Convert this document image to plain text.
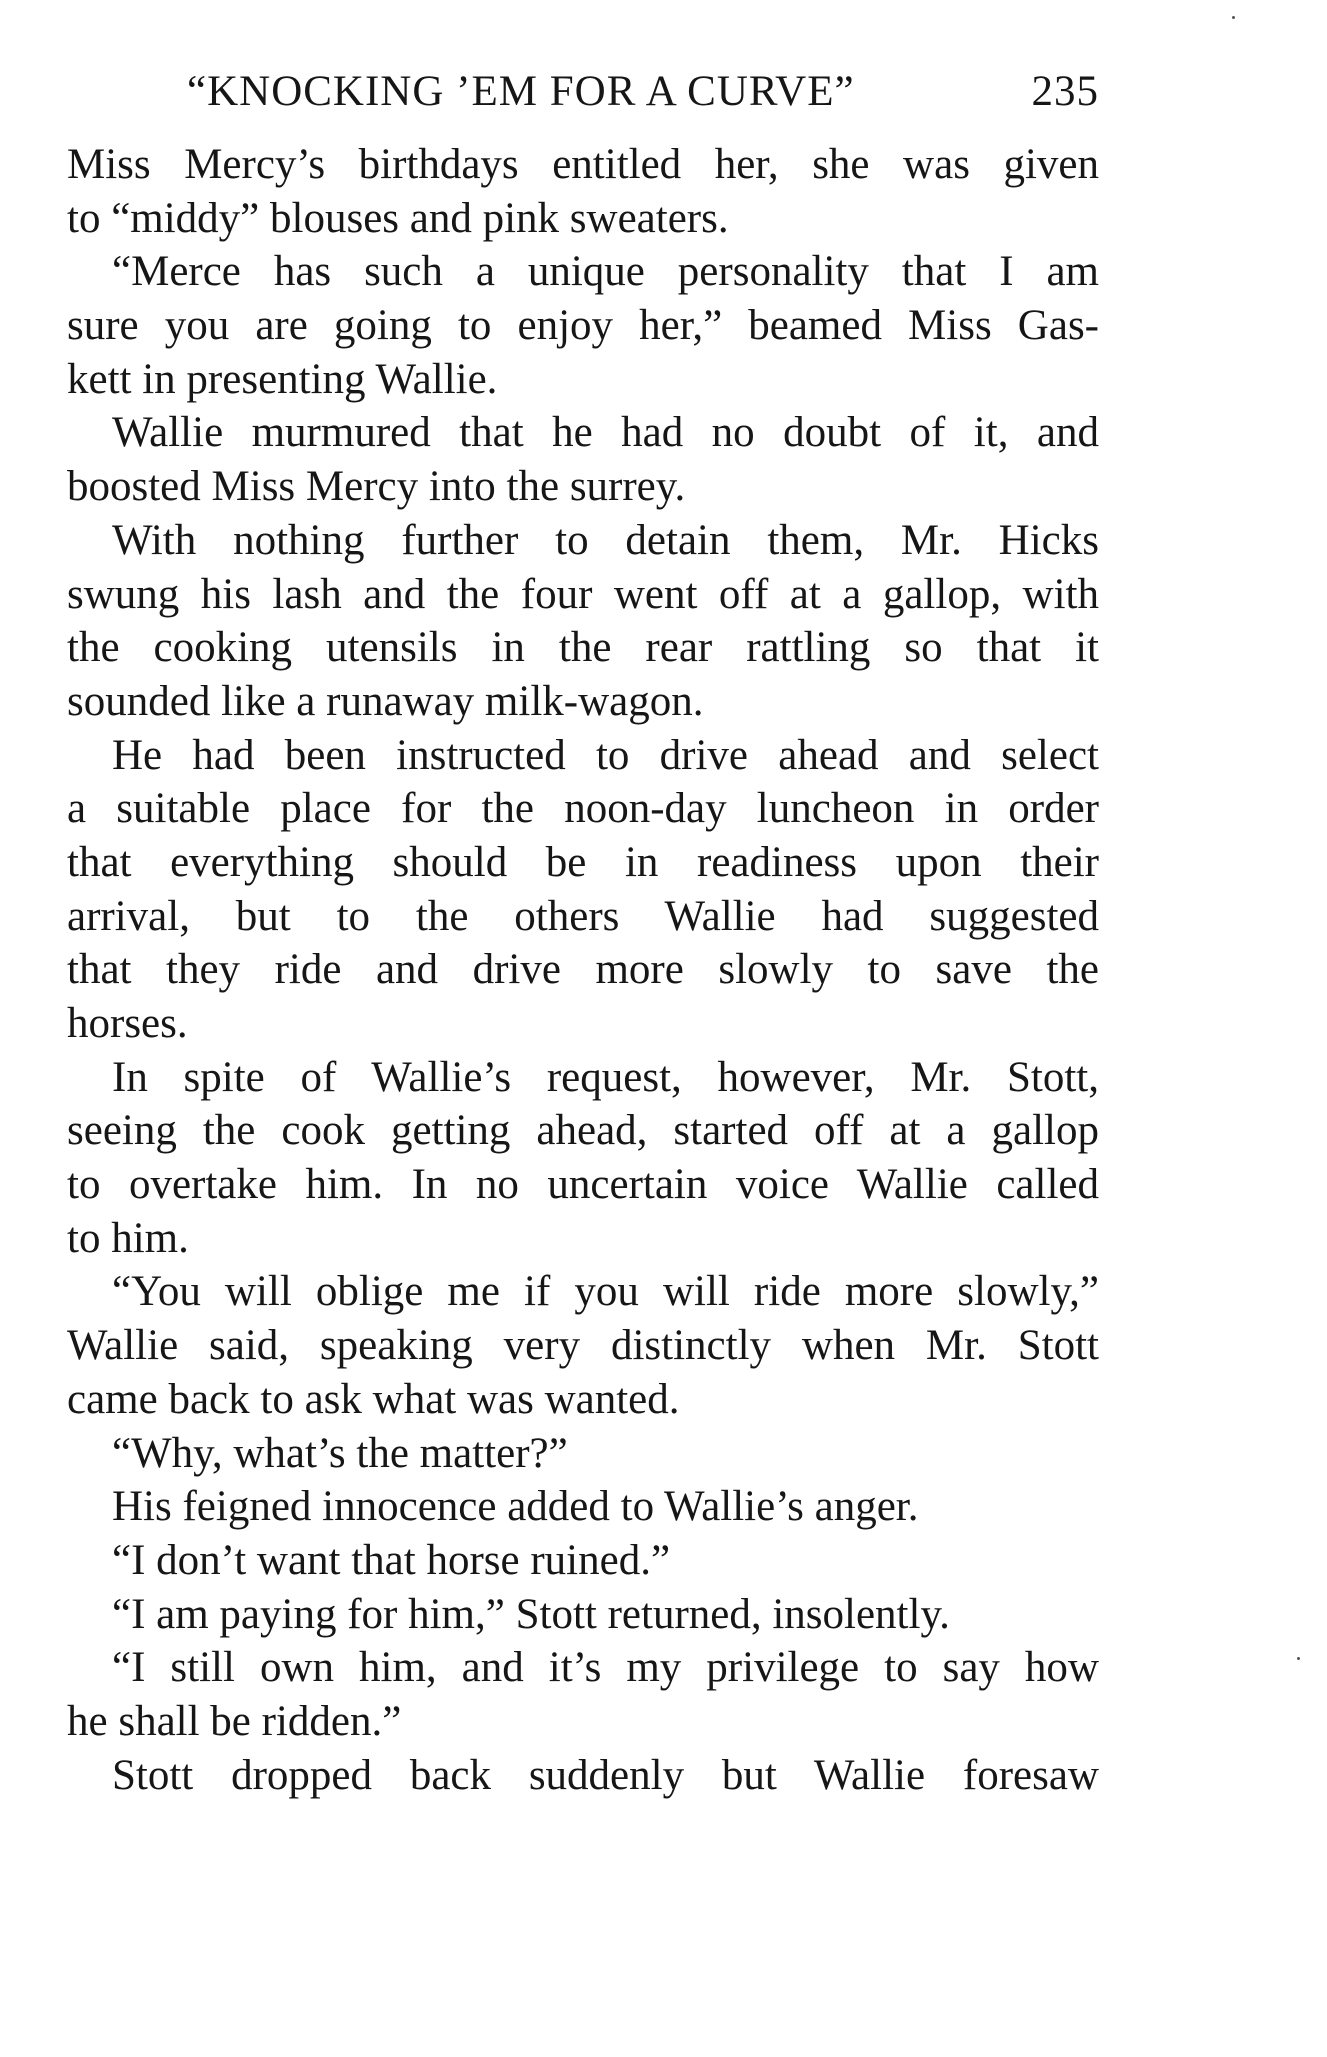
“KNOCKING ’EM FOR A CURVE”	235
Miss Mercy’s birthdays entitled her, she was given
to “middy” blouses and pink sweaters.
“Merce has such a unique personality that I am
sure you are going to enjoy her,” beamed Miss Gas-
kett in presenting Wallie.
Wallie murmured that he had no doubt of it, and
boosted Miss Mercy into the surrey.
With nothing further to detain them, Mr. Hicks
swung his lash and the four went off at a gallop, with
the cooking utensils in the rear rattling so that it
sounded like a runaway milk-wagon.
He had been instructed to drive ahead and select
a suitable place for the noon-day luncheon in order
that everything should be in readiness upon their
arrival, but to the others Wallie had suggested
that they ride and drive more slowly to save the
horses.
In spite of Wallie’s request, however, Mr. Stott,
seeing the cook getting ahead, started off at a gallop
to overtake him. In no uncertain voice Wallie called
to him.
“You will oblige me if you will ride more slowly,”
Wallie said, speaking very distinctly when Mr. Stott
came back to ask what was wanted.
“Why, what’s the matter?”
His feigned innocence added to Wallie’s anger.
“I don’t want that horse ruined.”
“I am paying for him,” Stott returned, insolently.
“I still own him, and it’s my privilege to say how
he shall be ridden.”
Stott dropped back suddenly but Wallie foresaw
